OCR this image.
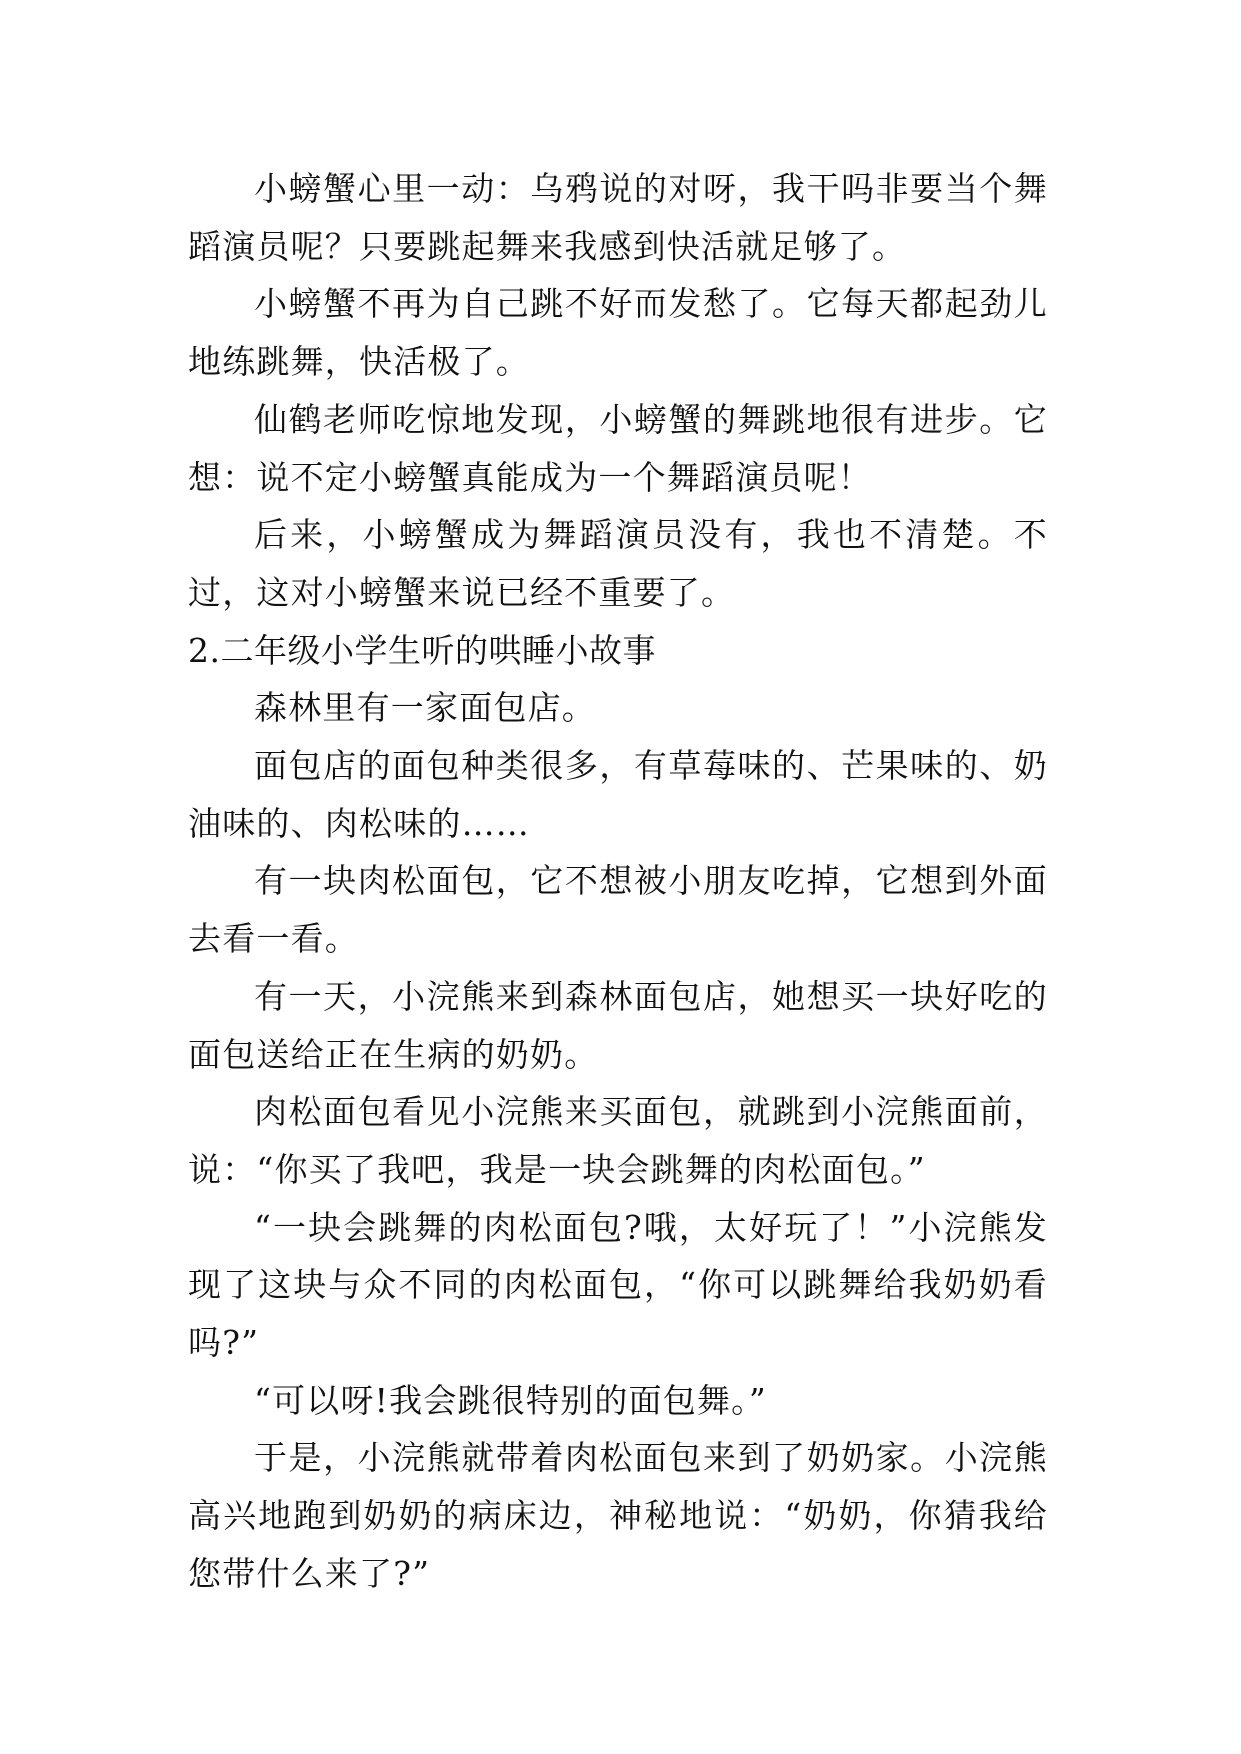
小螃蟹心里一动：乌鸦说的对呀，我干吗非要当个舞蹈演员呢？只要跳起舞来我感到快活就足够了。

小螃蟹不再为自己跳不好而发愁了。它每天都起劲儿地练跳舞，快活极了。

仙鹤老师吃惊地发现，小螃蟹的舞跳地很有进步。它想：说不定小螃蟹真能成为一个舞蹈演员呢！

后来，小螃蟹成为舞蹈演员没有，我也不清楚。不过，这对小螃蟹来说已经不重要了。

2.二年级小学生听的哄睡小故事

森林里有一家面包店。

面包店的面包种类很多，有草莓味的、芒果味的、奶油味的、肉松味的……

有一块肉松面包，它不想被小朋友吃掉，它想到外面去看一看。

有一天，小浣熊来到森林面包店，她想买一块好吃的面包送给正在生病的奶奶。

肉松面包看见小浣熊来买面包，就跳到小浣熊面前，说：“你买了我吧，我是一块会跳舞的肉松面包。”

“一块会跳舞的肉松面包?哦，太好玩了！”小浣熊发现了这块与众不同的肉松面包，“你可以跳舞给我奶奶看吗?”

“可以呀!我会跳很特别的面包舞。”

于是，小浣熊就带着肉松面包来到了奶奶家。小浣熊高兴地跑到奶奶的病床边，神秘地说：“奶奶，你猜我给您带什么来了?”
